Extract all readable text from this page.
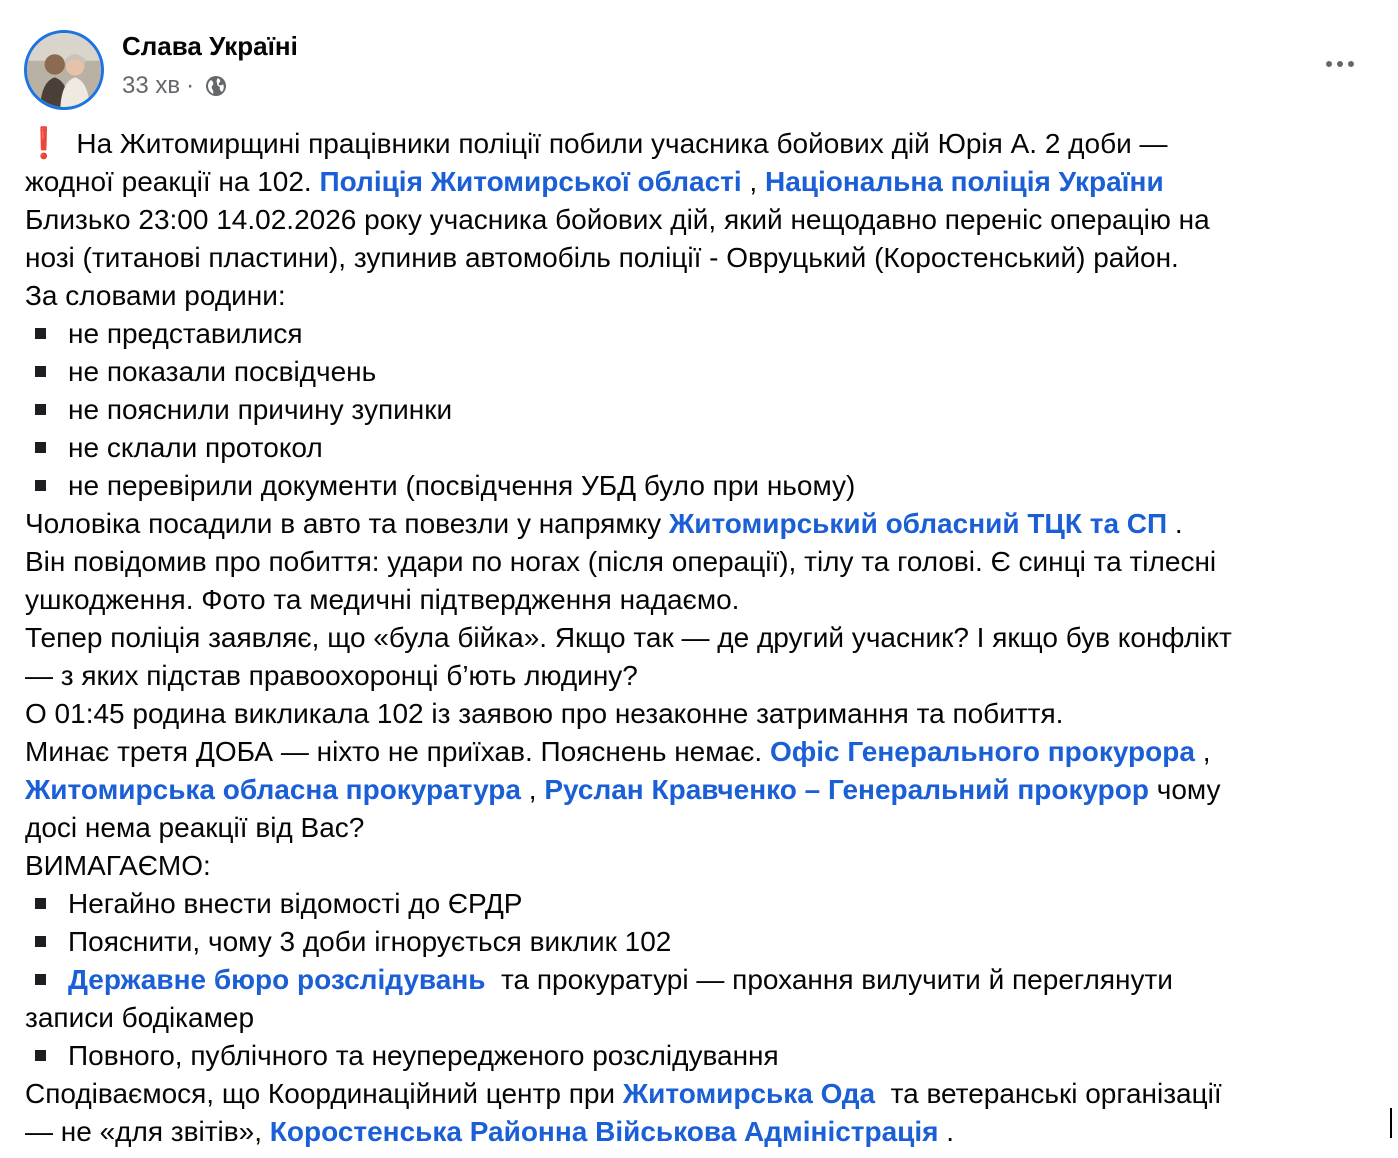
Слава Україні
33 хв ·
❗ На Житомирщині працівники поліції побили учасника бойових дій Юрія А. 2 доби —
жодної реакції на 102. Поліція Житомирської області , Національна поліція України
Близько 23:00 14.02.2026 року учасника бойових дій, який нещодавно переніс операцію на
нозі (титанові пластини), зупинив автомобіль поліції - Овруцький (Коростенський) район.
За словами родини:
не представилися
не показали посвідчень
не пояснили причину зупинки
не склали протокол
не перевірили документи (посвідчення УБД було при ньому)
Чоловіка посадили в авто та повезли у напрямку Житомирський обласний ТЦК та СП .
Він повідомив про побиття: удари по ногах (після операції), тілу та голові. Є синці та тілесні
ушкодження. Фото та медичні підтвердження надаємо.
Тепер поліція заявляє, що «була бійка». Якщо так — де другий учасник? І якщо був конфлікт
— з яких підстав правоохоронці б’ють людину?
О 01:45 родина викликала 102 із заявою про незаконне затримання та побиття.
Минає третя ДОБА — ніхто не приїхав. Пояснень немає. Офіс Генерального прокурора ,
Житомирська обласна прокуратура , Руслан Кравченко – Генеральний прокурор чому
досі нема реакції від Вас?
ВИМАГАЄМО:
Негайно внести відомості до ЄРДР
Пояснити, чому 3 доби ігнорується виклик 102
Державне бюро розслідувань  та прокуратурі — прохання вилучити й переглянути
записи бодікамер
Повного, публічного та неупередженого розслідування
Сподіваємося, що Координаційний центр при Житомирська Ода  та ветеранські організації
— не «для звітів», Коростенська Районна Військова Адміністрація .
